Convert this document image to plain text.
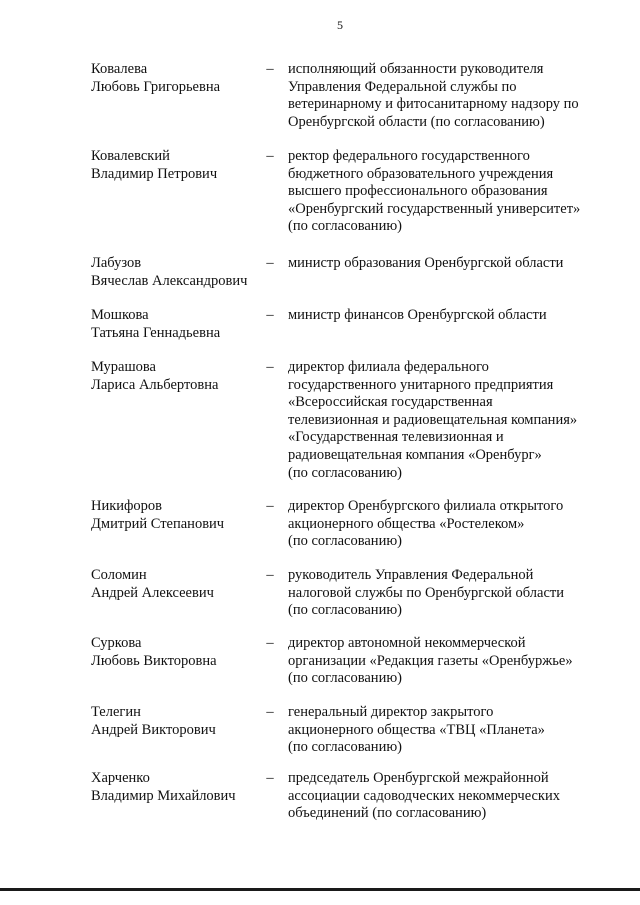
5
Ковалева
Любовь Григорьевна
– исполняющий обязанности руководителя
Управления Федеральной службы по
ветеринарному и фитосанитарному надзору по
Оренбургской области (по согласованию)
Ковалевский
Владимир Петрович
– ректор федерального государственного
бюджетного образовательного учреждения
высшего профессионального образования
«Оренбургский государственный университет»
(по согласованию)
Лабузов
Вячеслав Александрович
– министр образования Оренбургской области
Мошкова
Татьяна Геннадьевна
– министр финансов Оренбургской области
Мурашова
Лариса Альбертовна
– директор филиала федерального
государственного унитарного предприятия
«Всероссийская государственная
телевизионная и радиовещательная компания»
«Государственная телевизионная и
радиовещательная компания «Оренбург»
(по согласованию)
Никифоров
Дмитрий Степанович
– директор Оренбургского филиала открытого
акционерного общества «Ростелеком»
(по согласованию)
Соломин
Андрей Алексеевич
– руководитель Управления Федеральной
налоговой службы по Оренбургской области
(по согласованию)
Суркова
Любовь Викторовна
– директор автономной некоммерческой
организации «Редакция газеты «Оренбуржье»
(по согласованию)
Телегин
Андрей Викторович
– генеральный директор закрытого
акционерного общества «ТВЦ «Планета»
(по согласованию)
Харченко
Владимир Михайлович
– председатель Оренбургской межрайонной
ассоциации садоводческих некоммерческих
объединений (по согласованию)
